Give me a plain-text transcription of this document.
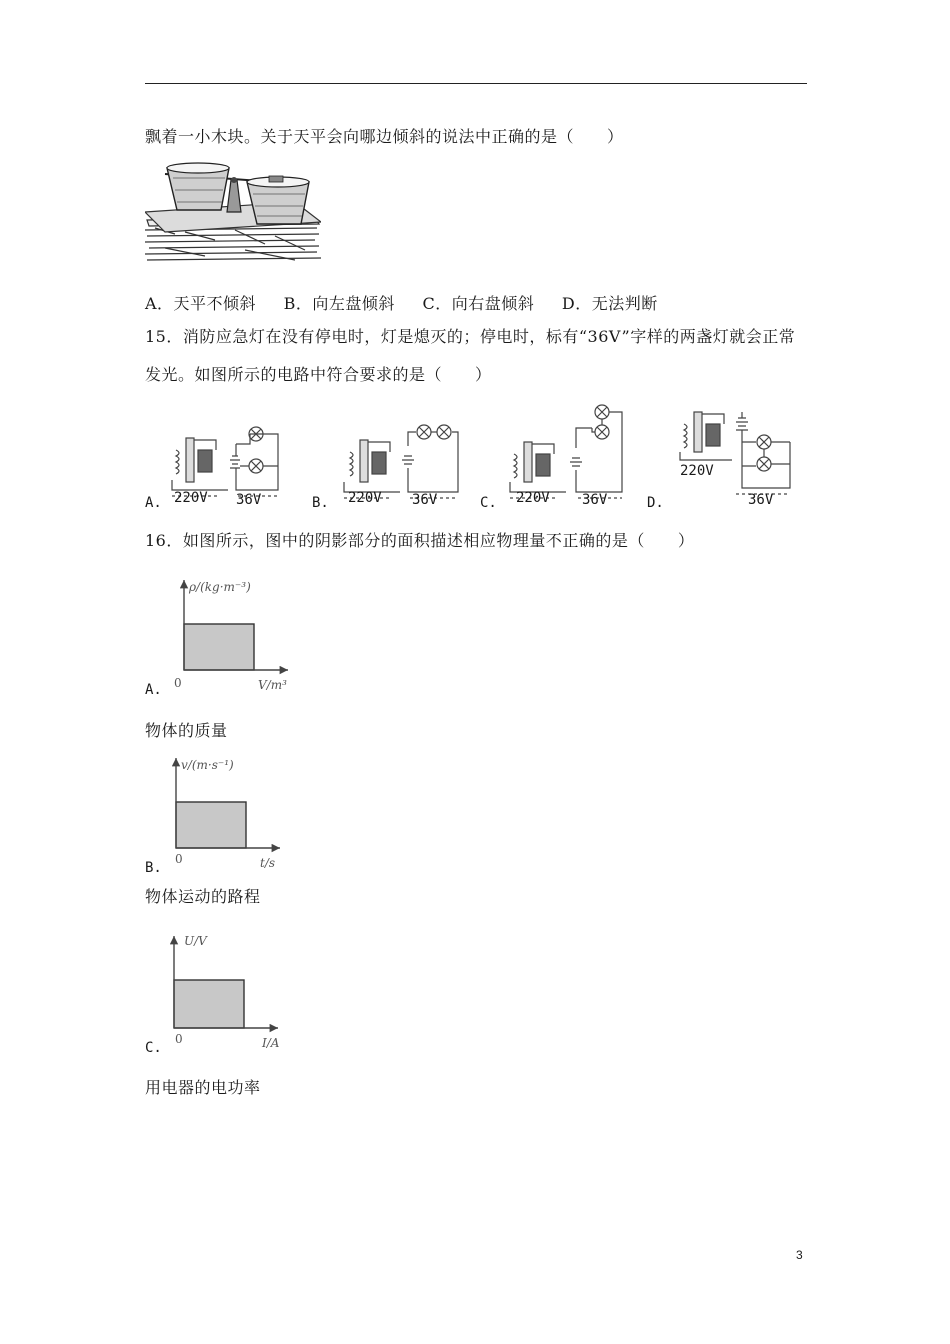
飘着一小木块。关于天平会向哪边倾斜的说法中正确的是（　　）
A．天平不倾斜 B．向左盘倾斜 C．向右盘倾斜 D．无法判断
15．消防应急灯在没有停电时，灯是熄灭的；停电时，标有“36V”字样的两盏灯就会正常
发光。如图所示的电路中符合要求的是（　　）
A. 220V 36V	B. 220V 36V	C. 220V 36V	D.
220V
36V
16．如图所示，图中的阴影部分的面积描述相应物理量不正确的是（　　）
ρ/(kg·m⁻³)
V/m³
0
A.
物体的质量
v/(m·s⁻¹)
t/s
0
B.
物体运动的路程
U/V
I/A
0
C.
用电器的电功率
3
